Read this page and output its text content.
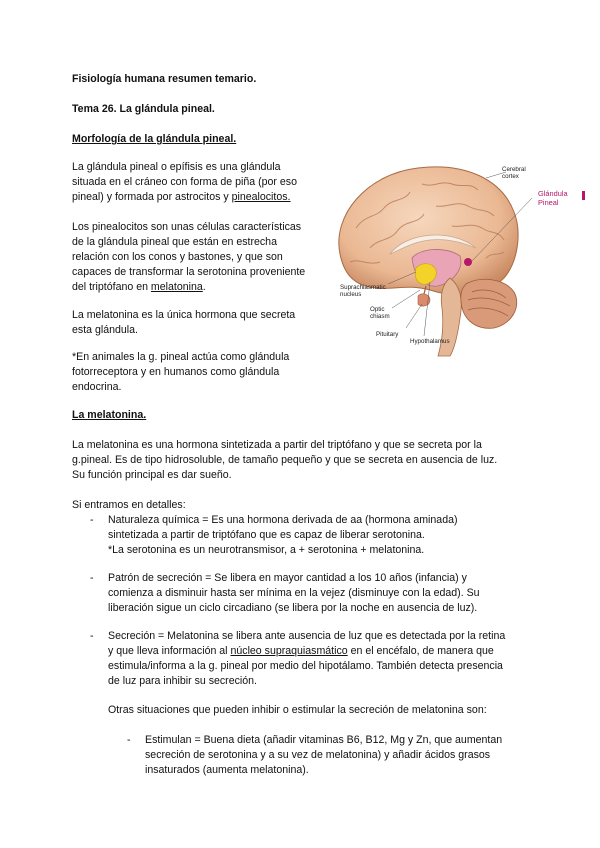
Fisiología humana resumen temario.

Tema 26. La glándula pineal.

Morfología de la glándula pineal.

La glándula pineal o epífisis es una glándula

situada en el cráneo con forma de piña (por eso

pineal) y formada por astrocitos y pinealocitos.

Los pinealocitos son unas células características

de la glándula pineal que están en estrecha

relación con los conos y bastones, y que son

capaces de transformar la serotonina proveniente

del triptófano en melatonina.

La melatonina es la única hormona que secreta

esta glándula.

*En animales la g. pineal actúa como glándula

fotorreceptora y en humanos como glándula

endocrina.

Cerebral
cortex
Glándula
Pineal
Suprachiasmatic
nucleus
Optic
chiasm
Pituitary
Hypothalamus

La melatonina.

La melatonina es una hormona sintetizada a partir del triptófano y que se secreta por la

g.pineal. Es de tipo hidrosoluble, de tamaño pequeño y que se secreta en ausencia de luz.

Su función principal es dar sueño.

Si entramos en detalles:

- Naturaleza química = Es una hormona derivada de aa (hormona aminada)

sintetizada a partir de triptófano que es capaz de liberar serotonina.

*La serotonina es un neurotransmisor, a + serotonina + melatonina.

- Patrón de secreción = Se libera en mayor cantidad a los 10 años (infancia) y

comienza a disminuir hasta ser mínima en la vejez (disminuye con la edad). Su

liberación sigue un ciclo circadiano (se libera por la noche en ausencia de luz).

- Secreción = Melatonina se libera ante ausencia de luz que es detectada por la retina

y que lleva información al núcleo supraquiasmático en el encéfalo, de manera que

estimula/informa a la g. pineal por medio del hipotálamo. También detecta presencia

de luz para inhibir su secreción.

Otras situaciones que pueden inhibir o estimular la secreción de melatonina son:

- Estimulan = Buena dieta (añadir vitaminas B6, B12, Mg y Zn, que aumentan

secreción de serotonina y a su vez de melatonina) y añadir ácidos grasos

insaturados (aumenta melatonina).
